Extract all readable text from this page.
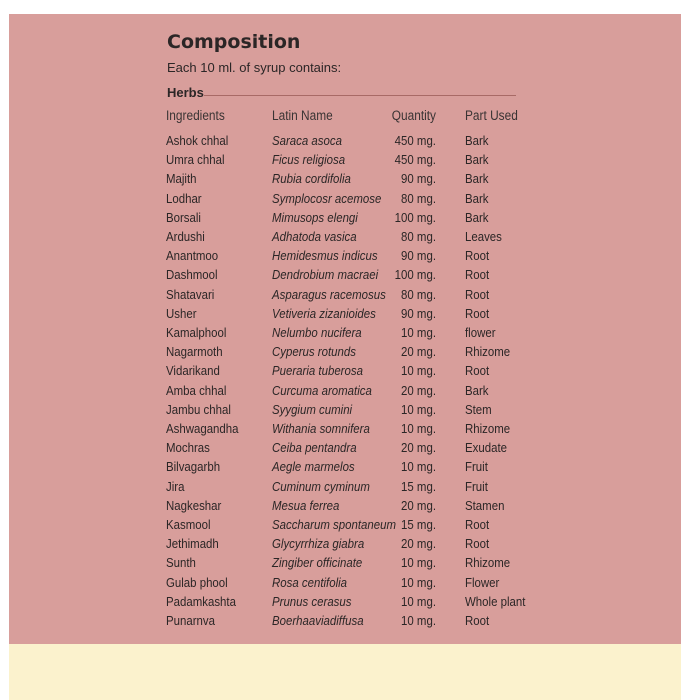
Composition
Each 10 ml. of syrup contains:
Herbs
Ingredients	Latin Name	Quantity Part Used
Ashok chhal	Saraca asoca	450 mg. Bark
Umra chhal	Ficus religiosa	450 mg. Bark
Majith	Rubia cordifolia	90 mg. Bark
Lodhar	Symplocosr acemose	80 mg. Bark
Borsali	Mimusops elengi	100 mg. Bark
Ardushi	Adhatoda vasica	80 mg. Leaves
Anantmoo	Hemidesmus indicus	90 mg. Root
Dashmool	Dendrobium macraei	100 mg. Root
Shatavari	Asparagus racemosus	80 mg. Root
Usher	Vetiveria zizanioides	90 mg. Root
Kamalphool	Nelumbo nucifera	10 mg. flower
Nagarmoth	Cyperus rotunds	20 mg. Rhizome
Vidarikand	Pueraria tuberosa	10 mg. Root
Amba chhal	Curcuma aromatica	20 mg. Bark
Jambu chhal	Syygium cumini	10 mg. Stem
Ashwagandha	Withania somnifera	10 mg. Rhizome
Mochras	Ceiba pentandra	20 mg. Exudate
Bilvagarbh	Aegle marmelos	10 mg. Fruit
Jira	Cuminum cyminum	15 mg. Fruit
Nagkeshar	Mesua ferrea	20 mg. Stamen
Kasmool	Saccharum spontaneum 15 mg. Root
Jethimadh	Glycyrrhiza giabra	20 mg. Root
Sunth	Zingiber officinate	10 mg. Rhizome
Gulab phool	Rosa centifolia	10 mg. Flower
Padamkashta	Prunus cerasus	10 mg. Whole plant
Punarnva	Boerhaaviadiffusa	10 mg. Root
